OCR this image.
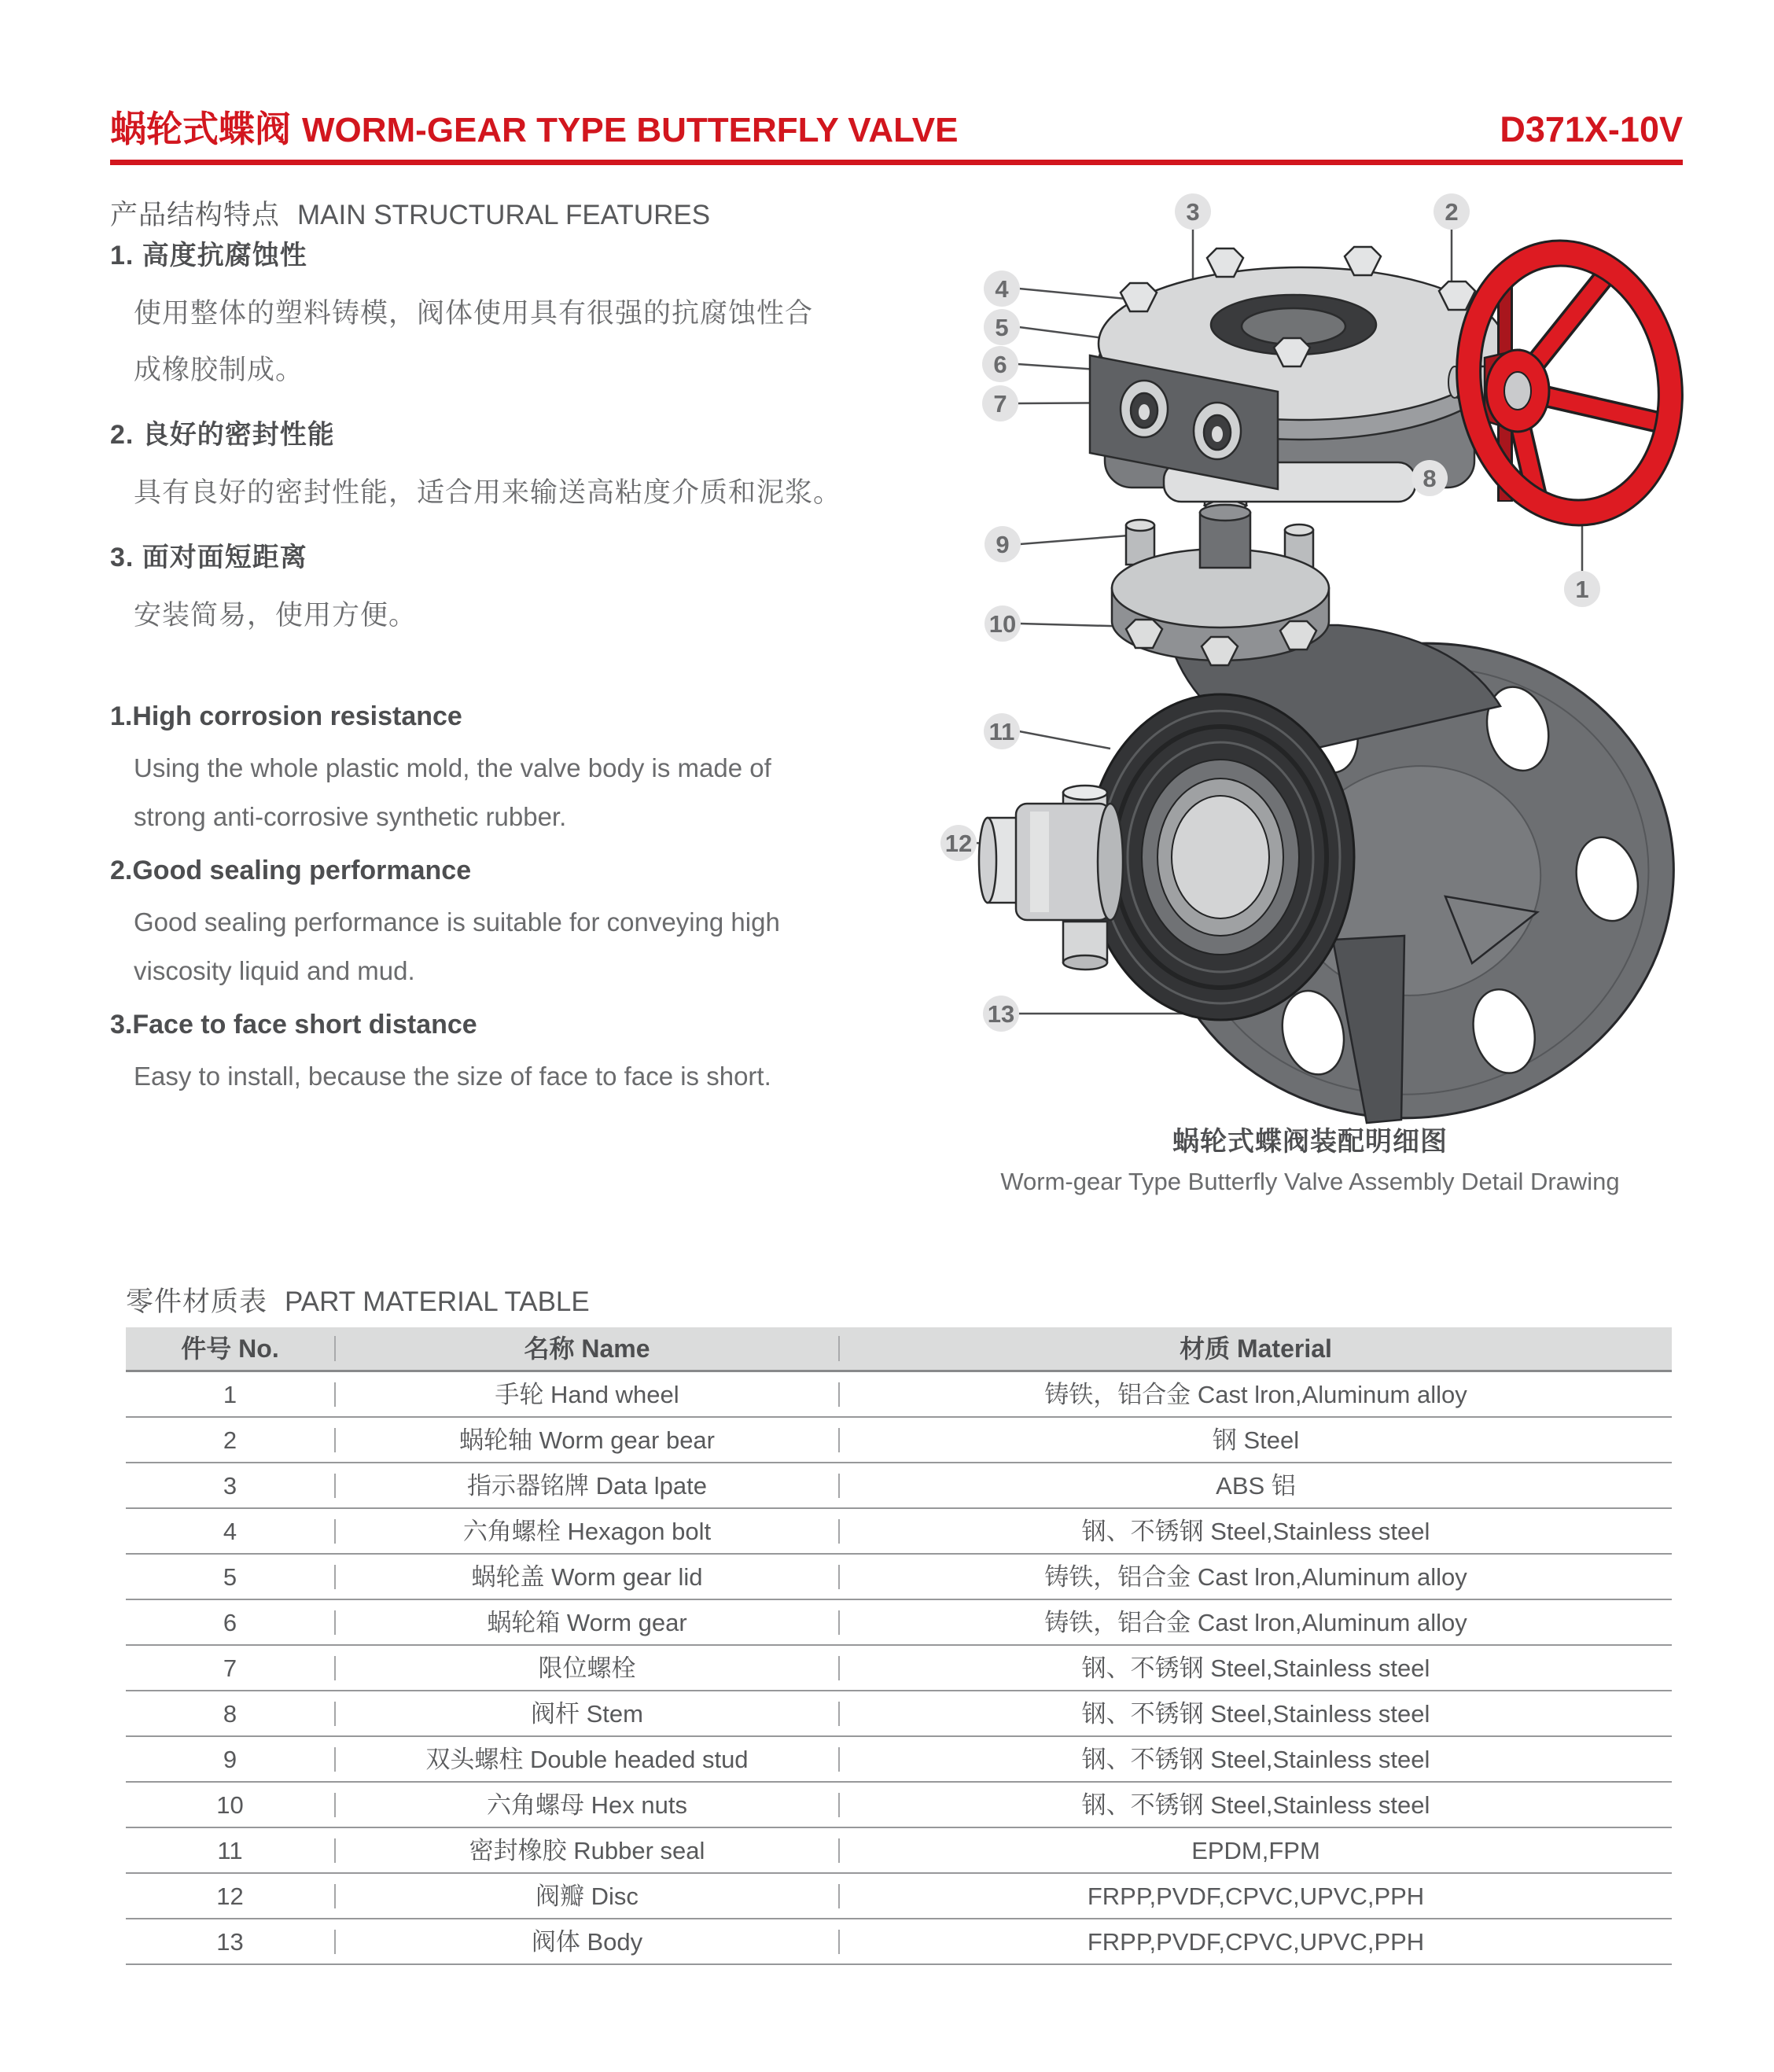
蜗轮式蝶阀 WORM-GEAR TYPE BUTTERFLY VALVE	D371X-10V
产品结构特点 MAIN STRUCTURAL FEATURES
1. 高度抗腐蚀性
使用整体的塑料铸模，阀体使用具有很强的抗腐蚀性合
成橡胶制成。
2. 良好的密封性能
具有良好的密封性能，适合用来输送高粘度介质和泥浆。
3. 面对面短距离
安装简易，使用方便。
1.High corrosion resistance
Using the whole plastic mold, the valve body is made of
strong anti-corrosive synthetic rubber.
2.Good sealing performance
Good sealing performance is suitable for conveying high
viscosity liquid and mud.
3.Face to face short distance
Easy to install, because the size of face to face is short.
1
2
3
4
5
6
7
8
9
10
11
12
13
蜗轮式蝶阀装配明细图
Worm-gear Type Butterfly Valve Assembly Detail Drawing
零件材质表 PART MATERIAL TABLE
件号 No.	名称 Name	材质 Material
1	手轮 Hand wheel	铸铁，铝合金 Cast lron,Aluminum alloy
2	蜗轮轴 Worm gear bear	钢 Steel
3	指示器铭牌 Data lpate	ABS 铝
4	六角螺栓 Hexagon bolt	钢、不锈钢 Steel,Stainless steel
5	蜗轮盖 Worm gear lid	铸铁，铝合金 Cast lron,Aluminum alloy
6	蜗轮箱 Worm gear	铸铁，铝合金 Cast lron,Aluminum alloy
7	限位螺栓	钢、不锈钢 Steel,Stainless steel
8	阀杆 Stem	钢、不锈钢 Steel,Stainless steel
9	双头螺柱 Double headed stud	钢、不锈钢 Steel,Stainless steel
10	六角螺母 Hex nuts	钢、不锈钢 Steel,Stainless steel
11	密封橡胶 Rubber seal	EPDM,FPM
12	阀瓣 Disc	FRPP,PVDF,CPVC,UPVC,PPH
13	阀体 Body	FRPP,PVDF,CPVC,UPVC,PPH
